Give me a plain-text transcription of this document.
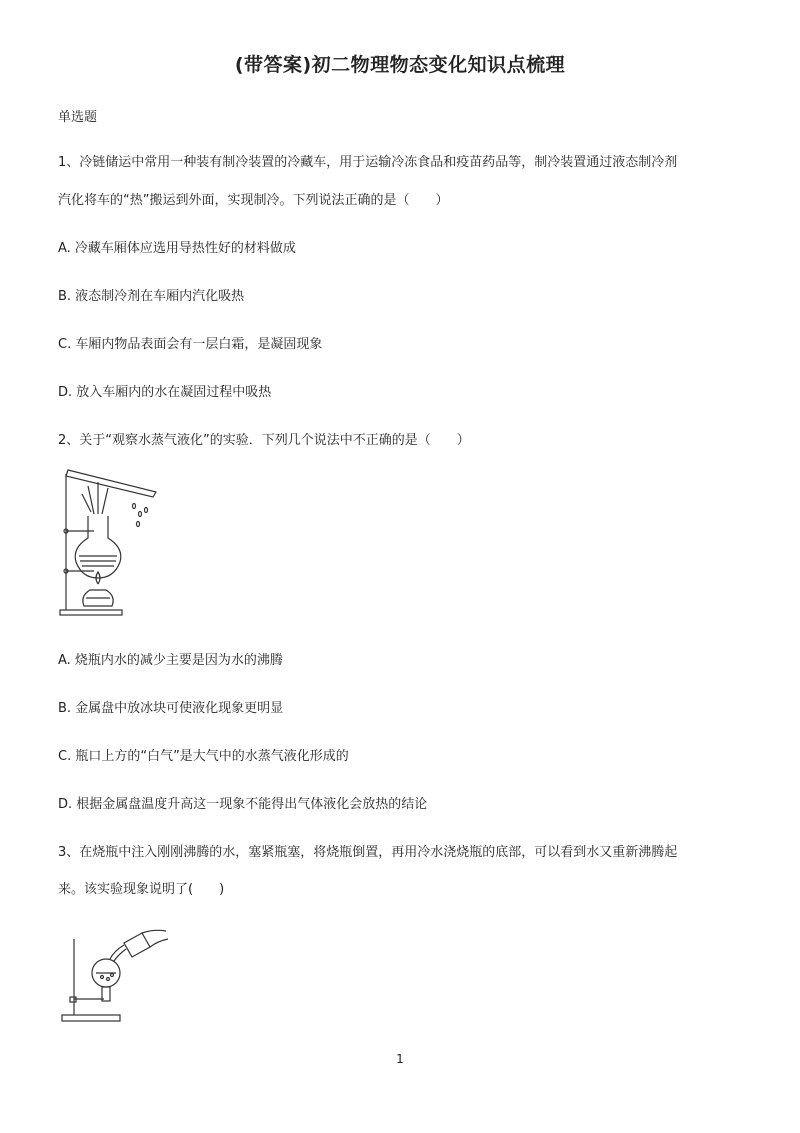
(带答案)初二物理物态变化知识点梳理
单选题
1、冷链储运中常用一种装有制冷装置的冷藏车，用于运输冷冻食品和疫苗药品等，制冷装置通过液态制冷剂
汽化将车的“热”搬运到外面，实现制冷。下列说法正确的是（　　）
A. 冷藏车厢体应选用导热性好的材料做成
B. 液态制冷剂在车厢内汽化吸热
C. 车厢内物品表面会有一层白霜，是凝固现象
D. 放入车厢内的水在凝固过程中吸热
2、关于“观察水蒸气液化”的实验．下列几个说法中不正确的是（　　）
A. 烧瓶内水的减少主要是因为水的沸腾
B. 金属盘中放冰块可使液化现象更明显
C. 瓶口上方的“白气”是大气中的水蒸气液化形成的
D. 根据金属盘温度升高这一现象不能得出气体液化会放热的结论
3、在烧瓶中注入刚刚沸腾的水，塞紧瓶塞，将烧瓶倒置，再用冷水浇烧瓶的底部，可以看到水又重新沸腾起
来。该实验现象说明了(　　)
1
